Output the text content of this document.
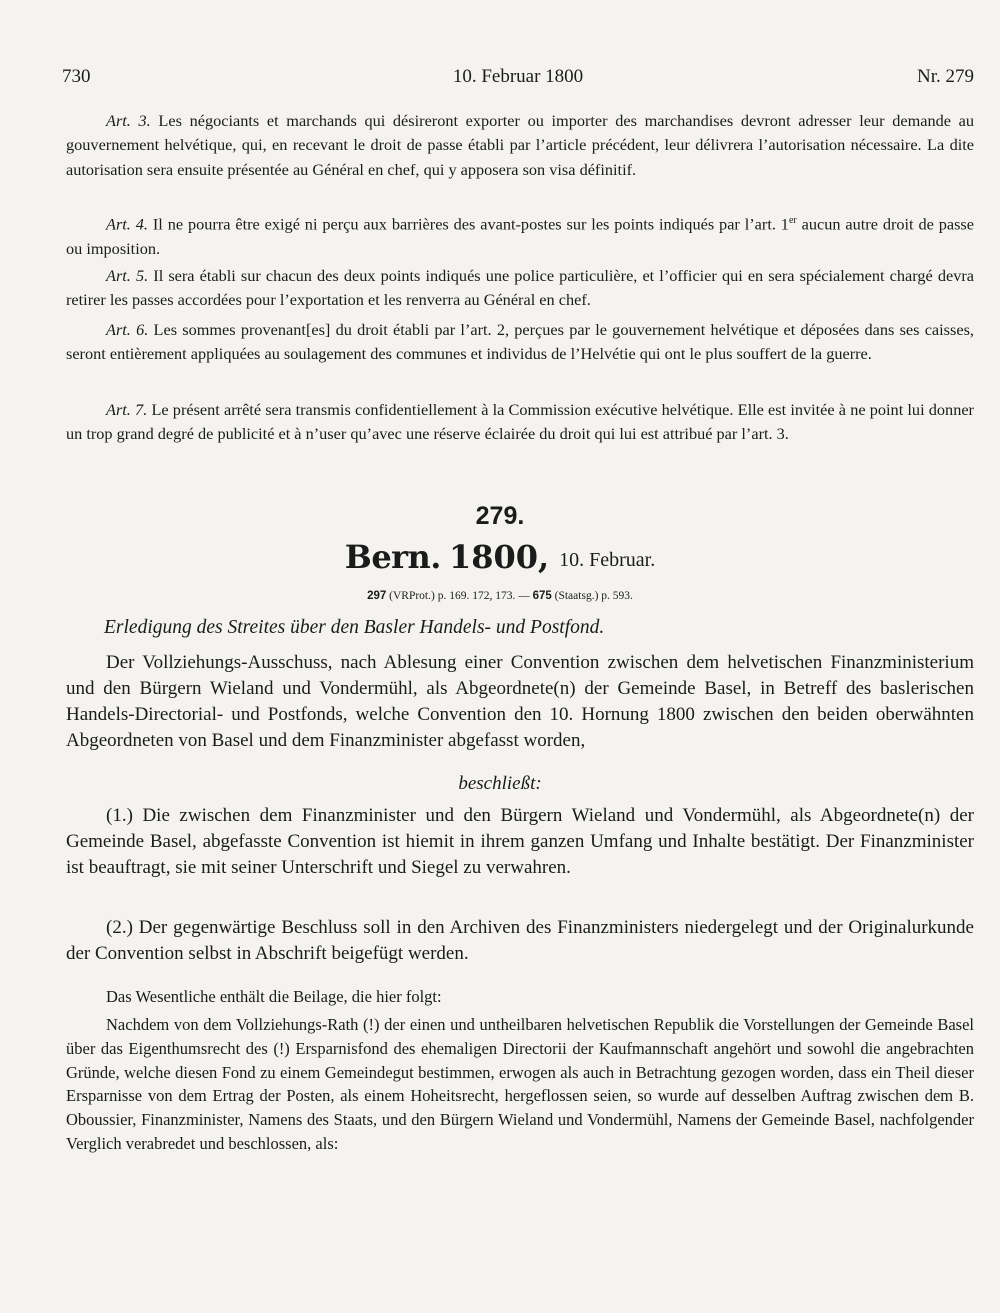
730	10. Februar 1800	Nr. 279

Art. 3. Les négociants et marchands qui désireront exporter ou importer des marchandises devront adresser leur demande au gouvernement helvétique, qui, en recevant le droit de passe établi par l’article précédent, leur délivrera l’autorisation nécessaire. La dite autorisation sera ensuite présentée au Général en chef, qui y apposera son visa définitif.

Art. 4. Il ne pourra être exigé ni perçu aux barrières des avant-postes sur les points indiqués par l’art. 1er aucun autre droit de passe ou imposition.

Art. 5. Il sera établi sur chacun des deux points indiqués une police particulière, et l’officier qui en sera spécialement chargé devra retirer les passes accordées pour l’exportation et les renverra au Général en chef.

Art. 6. Les sommes provenant[es] du droit établi par l’art. 2, perçues par le gouvernement helvétique et déposées dans ses caisses, seront entièrement appliquées au soulagement des communes et individus de l’Helvétie qui ont le plus souffert de la guerre.

Art. 7. Le présent arrêté sera transmis confidentiellement à la Commission exécutive helvétique. Elle est invitée à ne point lui donner un trop grand degré de publicité et à n’user qu’avec une réserve éclairée du droit qui lui est attribué par l’art. 3.

279.
Bern. 1800, 10. Februar.
297 (VRProt.) p. 169. 172, 173. — 675 (Staatsg.) p. 593.
Erledigung des Streites über den Basler Handels- und Postfond.

Der Vollziehungs-Ausschuss, nach Ablesung einer Convention zwischen dem helvetischen Finanzministerium und den Bürgern Wieland und Vondermühl, als Abgeordnete(n) der Gemeinde Basel, in Betreff des baslerischen Handels-Directorial- und Postfonds, welche Convention den 10. Hornung 1800 zwischen den beiden oberwähnten Abgeordneten von Basel und dem Finanzminister abgefasst worden,

beschließt:

(1.) Die zwischen dem Finanzminister und den Bürgern Wieland und Vondermühl, als Abgeordnete(n) der Gemeinde Basel, abgefasste Convention ist hiemit in ihrem ganzen Umfang und Inhalte bestätigt. Der Finanzminister ist beauftragt, sie mit seiner Unterschrift und Siegel zu verwahren.

(2.) Der gegenwärtige Beschluss soll in den Archiven des Finanzministers niedergelegt und der Originalurkunde der Convention selbst in Abschrift beigefügt werden.

Das Wesentliche enthält die Beilage, die hier folgt:

Nachdem von dem Vollziehungs-Rath (!) der einen und untheilbaren helvetischen Republik die Vorstellungen der Gemeinde Basel über das Eigenthumsrecht des (!) Ersparnisfond des ehemaligen Directorii der Kaufmannschaft angehört und sowohl die angebrachten Gründe, welche diesen Fond zu einem Gemeindegut bestimmen, erwogen als auch in Betrachtung gezogen worden, dass ein Theil dieser Ersparnisse von dem Ertrag der Posten, als einem Hoheitsrecht, hergeflossen seien, so wurde auf desselben Auftrag zwischen dem B. Oboussier, Finanzminister, Namens des Staats, und den Bürgern Wieland und Vondermühl, Namens der Gemeinde Basel, nachfolgender Verglich verabredet und beschlossen, als:
